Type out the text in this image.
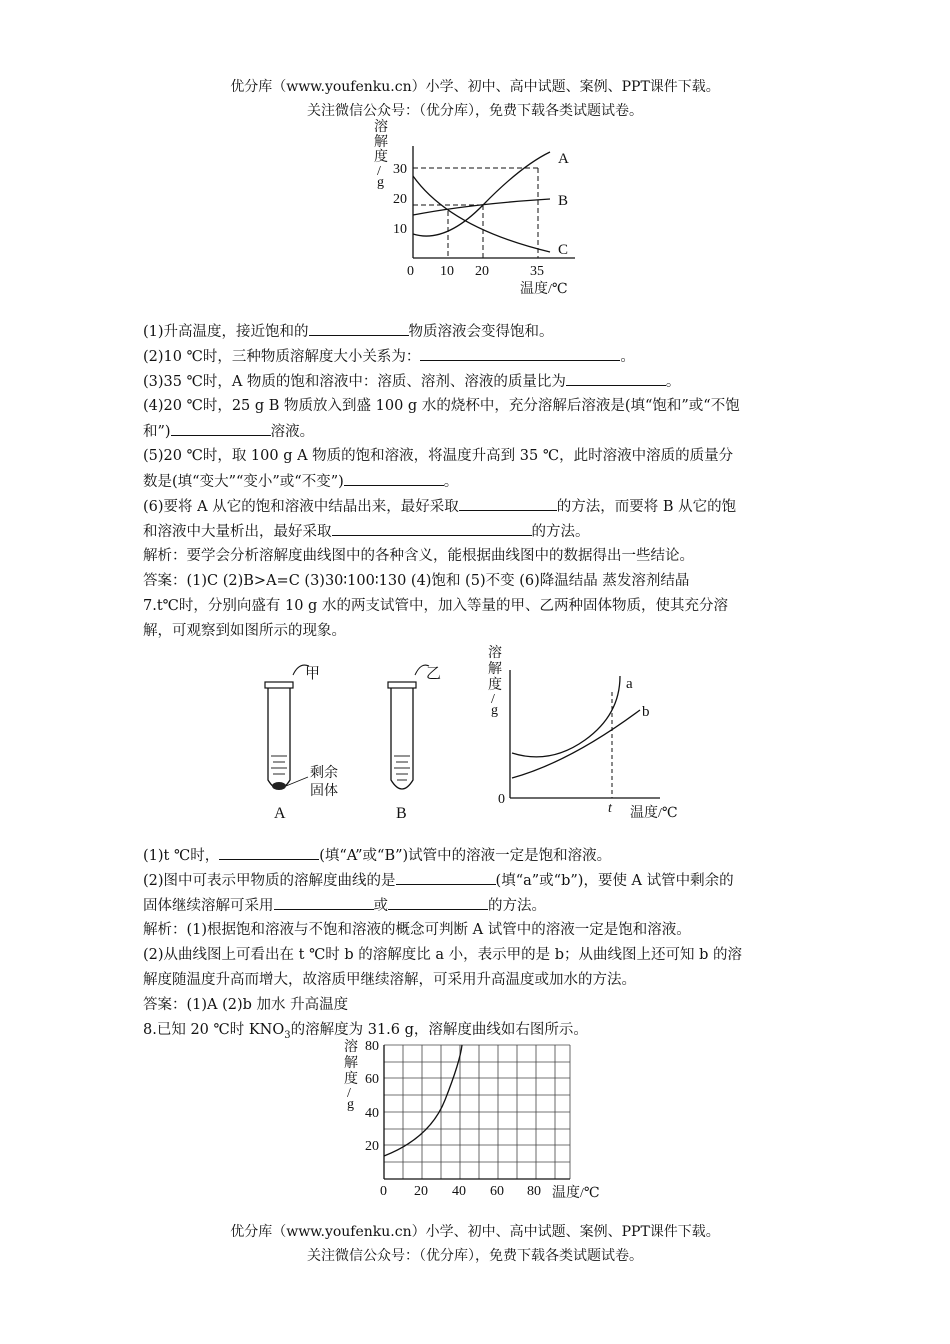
优分库（www.youfenku.cn）小学、初中、高中试题、案例、PPT课件下载。
关注微信公众号：（优分库），免费下载各类试题试卷。
溶
解
度
/
g
10
20
30
0 10 20	35
温度/℃
A
B
C
(1)升高温度，接近饱和的	物质溶液会变得饱和。
(2)10 ℃时，三种物质溶解度大小关系为：	。
(3)35 ℃时，A 物质的饱和溶液中：溶质、溶剂、溶液的质量比为	。
(4)20 ℃时，25 g B 物质放入到盛 100 g 水的烧杯中，充分溶解后溶液是(填“饱和”或“不饱
和”)	溶液。
(5)20 ℃时，取 100 g A 物质的饱和溶液，将温度升高到 35 ℃，此时溶液中溶质的质量分
数是(填“变大”“变小”或“不变”)	。
(6)要将 A 从它的饱和溶液中结晶出来，最好采取	的方法，而要将 B 从它的饱
和溶液中大量析出，最好采取	的方法。
解析：要学会分析溶解度曲线图中的各种含义，能根据曲线图中的数据得出一些结论。
答案：(1)C (2)B>A=C (3)30∶100∶130 (4)饱和 (5)不变 (6)降温结晶 蒸发溶剂结晶
7.t℃时，分别向盛有 10 g 水的两支试管中，加入等量的甲、乙两种固体物质，使其充分溶
解，可观察到如图所示的现象。
甲
剩余
固体
A
乙
B
溶
解
度
/
g
a
b
0
t 温度/℃
(1)t ℃时，	(填“A”或“B”)试管中的溶液一定是饱和溶液。
(2)图中可表示甲物质的溶解度曲线的是	(填“a”或“b”)，要使 A 试管中剩余的
固体继续溶解可采用	或	的方法。
解析：(1)根据饱和溶液与不饱和溶液的概念可判断 A 试管中的溶液一定是饱和溶液。
(2)从曲线图上可看出在 t ℃时 b 的溶解度比 a 小，表示甲的是 b；从曲线图上还可知 b 的溶
解度随温度升高而增大，故溶质甲继续溶解，可采用升高温度或加水的方法。
答案：(1)A (2)b 加水 升高温度
8.已知 20 ℃时 $KNO_3$的溶解度为 31.6 g，溶解度曲线如右图所示。
溶
解
度
/
g
20
40
60
80
0 20 40 60 80 温度/℃
优分库（www.youfenku.cn）小学、初中、高中试题、案例、PPT课件下载。
关注微信公众号：（优分库），免费下载各类试题试卷。
